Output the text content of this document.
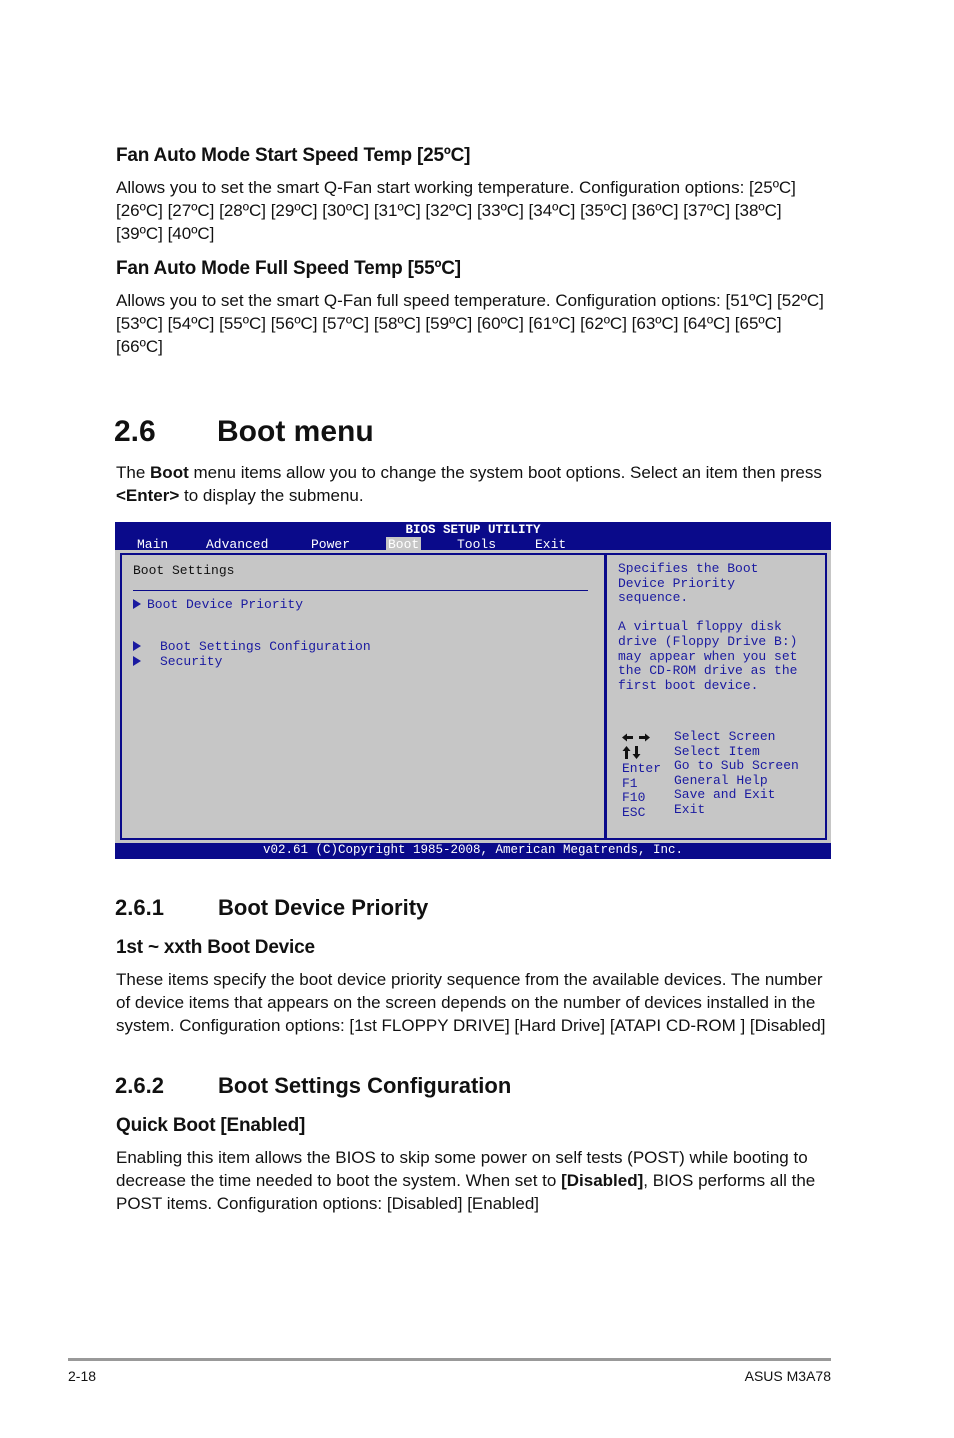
Fan Auto Mode Start Speed Temp [25ºC]
Allows you to set the smart Q-Fan start working temperature. Configuration options: [25ºC] [26ºC] [27ºC] [28ºC] [29ºC] [30ºC] [31ºC] [32ºC] [33ºC] [34ºC] [35ºC] [36ºC] [37ºC] [38ºC] [39ºC] [40ºC]
Fan Auto Mode Full Speed Temp [55ºC]
Allows you to set the smart Q-Fan full speed temperature. Configuration options: [51ºC] [52ºC] [53ºC] [54ºC] [55ºC] [56ºC] [57ºC] [58ºC] [59ºC] [60ºC] [61ºC] [62ºC] [63ºC] [64ºC] [65ºC] [66ºC]
2.6 Boot menu
The Boot menu items allow you to change the system boot options. Select an item then press <Enter> to display the submenu.
BIOS SETUP UTILITY
Main	Advanced	Power	Boot	Tools	Exit
Boot Settings
Boot Device Priority
Boot Settings Configuration
Security
Specifies the Boot
Device Priority
sequence.
A virtual floppy disk
drive (Floppy Drive B:)
may appear when you set
the CD-ROM drive as the
first boot device.
Select Screen
Select Item
Enter Go to Sub Screen
F1	General Help
F10 Save and Exit
ESC Exit
v02.61 (C)Copyright 1985-2008, American Megatrends, Inc.
2.6.1 Boot Device Priority
1st ~ xxth Boot Device
These items specify the boot device priority sequence from the available devices. The number of device items that appears on the screen depends on the number of devices installed in the system. Configuration options: [1st FLOPPY DRIVE] [Hard Drive] [ATAPI CD-ROM ] [Disabled]
2.6.2 Boot Settings Configuration
Quick Boot [Enabled]
Enabling this item allows the BIOS to skip some power on self tests (POST) while booting to decrease the time needed to boot the system. When set to [Disabled], BIOS performs all the POST items. Configuration options: [Disabled] [Enabled]
2-18	ASUS M3A78
